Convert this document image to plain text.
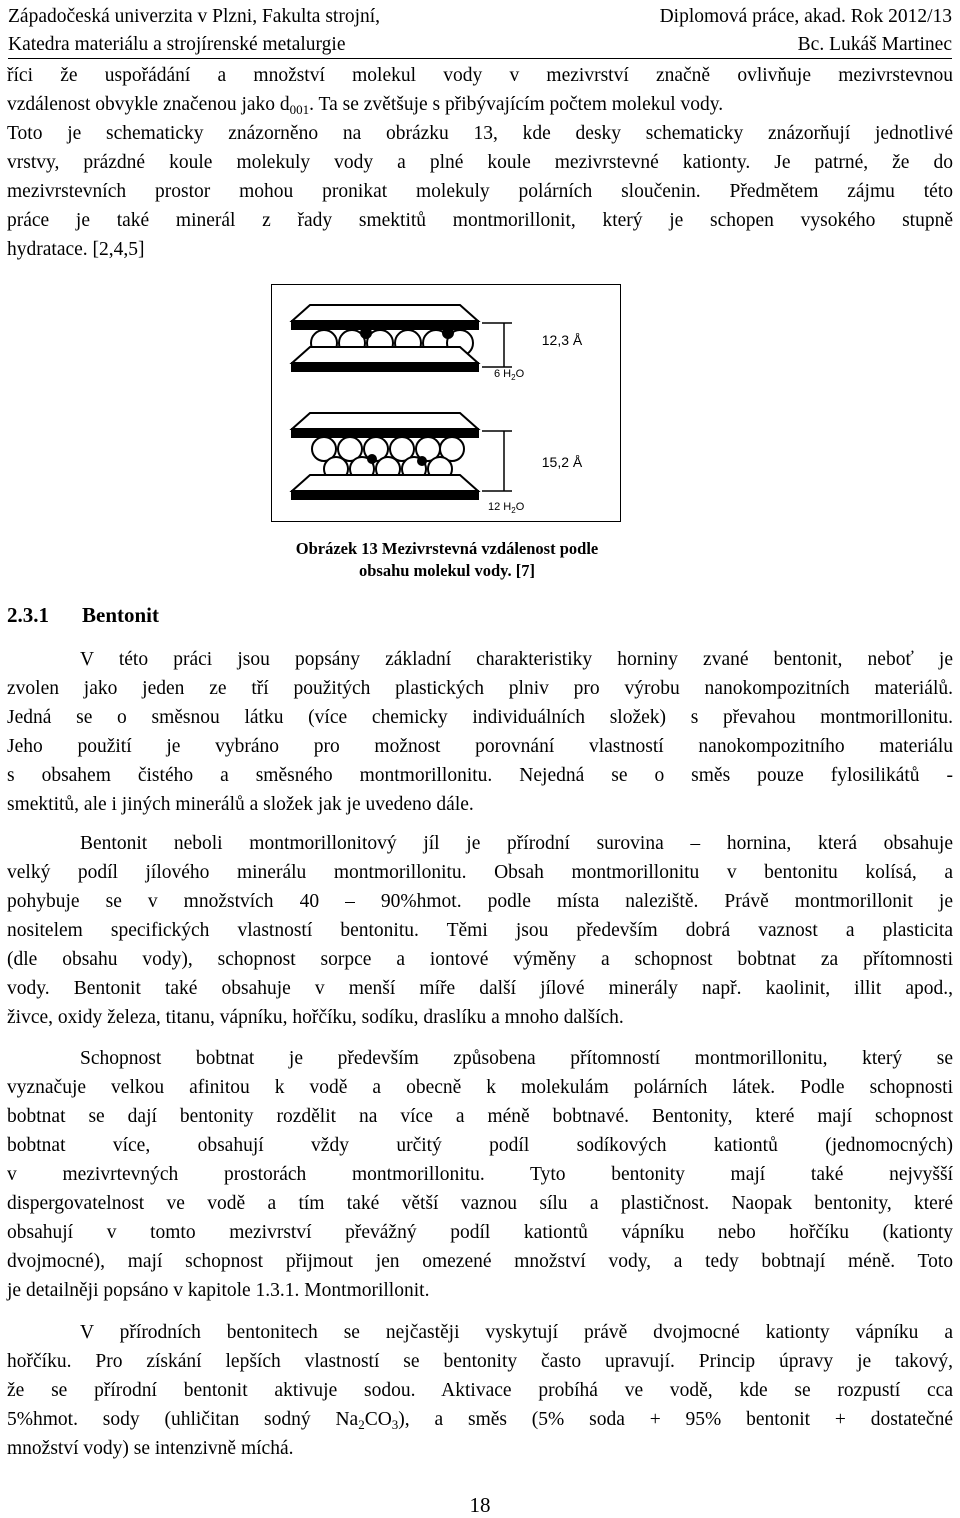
Západočeská univerzita v Plzni, Fakulta strojní,	Diplomová práce, akad. Rok 2012/13
Katedra materiálu a strojírenské metalurgie	Bc. Lukáš Martinec
říci že uspořádání a množství molekul vody v mezivrství značně ovlivňuje mezivrstevnou
vzdálenost obvykle značenou jako $d_{001}$. Ta se zvětšuje s přibývajícím počtem molekul vody.
Toto je schematicky znázorněno na obrázku 13, kde desky schematicky znázorňují jednotlivé
vrstvy, prázdné koule molekuly vody a plné koule mezivrstevné kationty. Je patrné, že do
mezivrstevních prostor mohou pronikat molekuly polárních sloučenin. Předmětem zájmu této
práce je také minerál z řady smektitů montmorillonit, který je schopen vysokého stupně
hydratace. [2,4,5]
12,3 Å
6 $H_2O$
15,2 Å
12 $H_2O$
Obrázek 13 Mezivrstevná vzdálenost podle
obsahu molekul vody. [7]
2.3.1 Bentonit
V této práci jsou popsány základní charakteristiky horniny zvané bentonit, neboť je
zvolen jako jeden ze tří použitých plastických plniv pro výrobu nanokompozitních materiálů.
Jedná se o směsnou látku (více chemicky individuálních složek) s převahou montmorillonitu.
Jeho použití je vybráno pro možnost porovnání vlastností nanokompozitního materiálu
s obsahem čistého a směsného montmorillonitu. Nejedná se o směs pouze fylosilikátů -
smektitů, ale i jiných minerálů a složek jak je uvedeno dále.
Bentonit neboli montmorillonitový jíl je přírodní surovina – hornina, která obsahuje
velký podíl jílového minerálu montmorillonitu. Obsah montmorillonitu v bentonitu kolísá, a
pohybuje se v množstvích 40 – 90%hmot. podle místa naleziště. Právě montmorillonit je
nositelem specifických vlastností bentonitu. Těmi jsou především dobrá vaznost a plasticita
(dle obsahu vody), schopnost sorpce a iontové výměny a schopnost bobtnat za přítomnosti
vody. Bentonit také obsahuje v menší míře další jílové minerály např. kaolinit, illit apod.,
živce, oxidy železa, titanu, vápníku, hořčíku, sodíku, draslíku a mnoho dalších.
Schopnost bobtnat je především způsobena přítomností montmorillonitu, který se
vyznačuje velkou afinitou k vodě a obecně k molekulám polárních látek. Podle schopnosti
bobtnat se dají bentonity rozdělit na více a méně bobtnavé. Bentonity, které mají schopnost
bobtnat více, obsahují vždy určitý podíl sodíkových kationtů (jednomocných)
v mezivrtevných prostorách montmorillonitu. Tyto bentonity mají také nejvyšší
dispergovatelnost ve vodě a tím také větší vaznou sílu a plastičnost. Naopak bentonity, které
obsahují v tomto mezivrství převážný podíl kationtů vápníku nebo hořčíku (kationty
dvojmocné), mají schopnost přijmout jen omezené množství vody, a tedy bobtnají méně. Toto
je detailněji popsáno v kapitole 1.3.1. Montmorillonit.
V přírodních bentonitech se nejčastěji vyskytují právě dvojmocné kationty vápníku a
hořčíku. Pro získání lepších vlastností se bentonity často upravují. Princip úpravy je takový,
že se přírodní bentonit aktivuje sodou. Aktivace probíhá ve vodě, kde se rozpustí cca
5%hmot. sody (uhličitan sodný $Na_2CO_3$), a směs (5% soda + 95% bentonit + dostatečné
množství vody) se intenzivně míchá.
18
